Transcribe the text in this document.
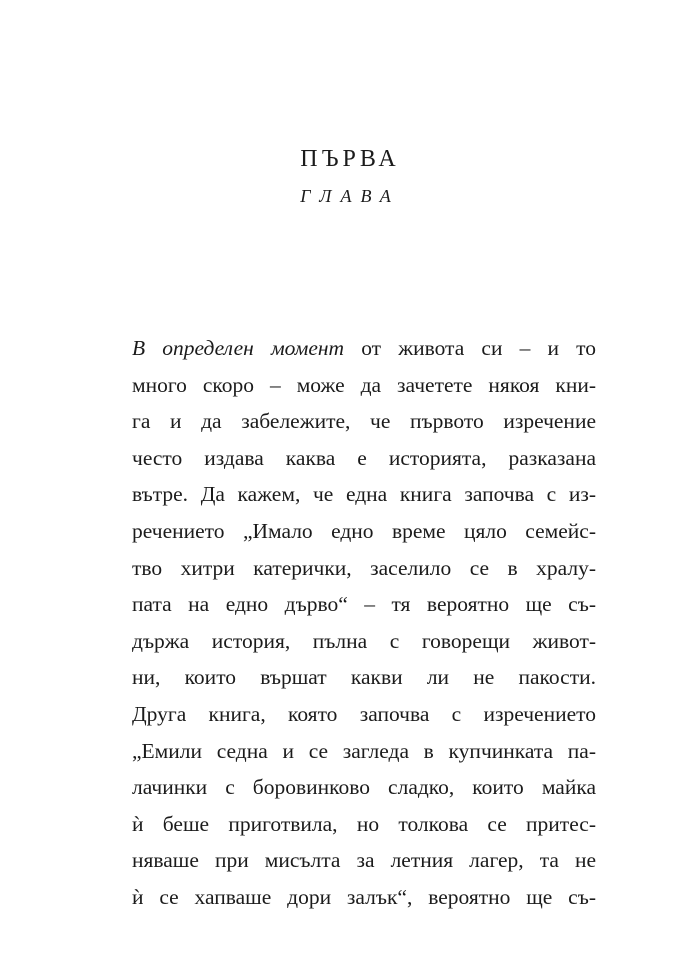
ПЪРВА
ГЛАВА
В определен момент от живота си – и то
много скоро – може да зачетете някоя кни-
га и да забележите, че първото изречение
често издава каква е историята, разказана
вътре. Да кажем, че една книга започва с из-
речението „Имало едно време цяло семейс-
тво хитри катерички, заселило се в хралу-
пата на едно дърво“ – тя вероятно ще съ-
държа история, пълна с говорещи живот-
ни, които вършат какви ли не пакости.
Друга книга, която започва с изречението
„Емили седна и се загледа в купчинката па-
лачинки с боровинково сладко, които майка
ѝ беше приготвила, но толкова се притес-
няваше при мисълта за летния лагер, та не
ѝ се хапваше дори залък“, вероятно ще съ-
